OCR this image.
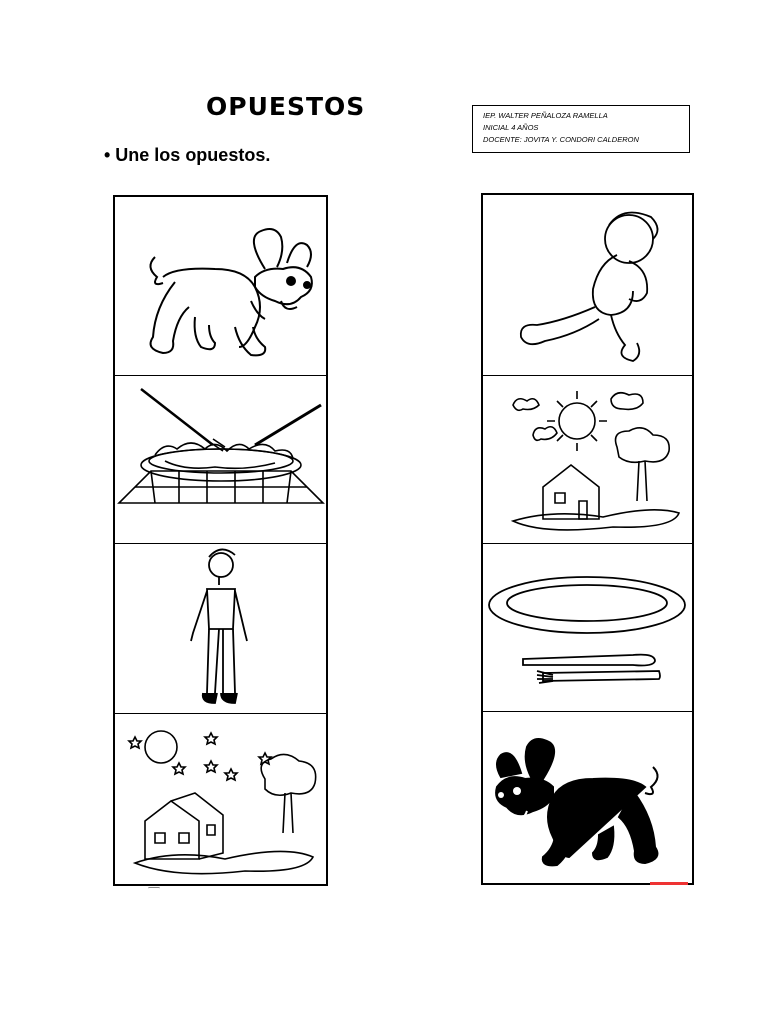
OPUESTOS
• Une los opuestos.
IEP. WALTER PEÑALOZA RAMELLA
INICIAL 4 AÑOS
DOCENTE: JOVITA Y. CONDORI CALDERON
